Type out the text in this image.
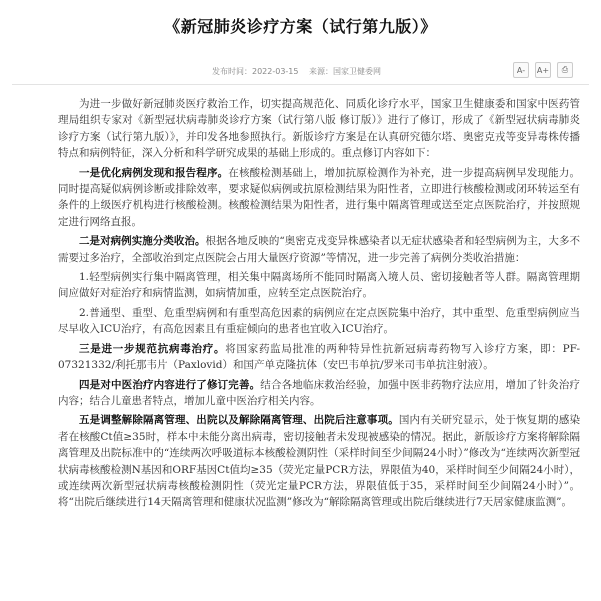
《新冠肺炎诊疗方案（试行第九版）》
发布时间：2022-03-15 来源：国家卫健委网	A-	A+	⎙

为进一步做好新冠肺炎医疗救治工作，切实提高规范化、同质化诊疗水平，国家卫生健康委和国家中医药管理局组织专家对《新型冠状病毒肺炎诊疗方案（试行第八版 修订版）》进行了修订，形成了《新型冠状病毒肺炎诊疗方案（试行第九版）》，并印发各地参照执行。新版诊疗方案是在认真研究德尔塔、奥密克戎等变异毒株传播特点和病例特征，深入分析和科学研究成果的基础上形成的。重点修订内容如下：

一是优化病例发现和报告程序。在核酸检测基础上，增加抗原检测作为补充，进一步提高病例早发现能力。同时提高疑似病例诊断或排除效率，要求疑似病例或抗原检测结果为阳性者，立即进行核酸检测或闭环转运至有条件的上级医疗机构进行核酸检测。核酸检测结果为阳性者，进行集中隔离管理或送至定点医院治疗，并按照规定进行网络直报。

二是对病例实施分类收治。根据各地反映的“奥密克戎变异株感染者以无症状感染者和轻型病例为主，大多不需要过多治疗，全部收治到定点医院会占用大量医疗资源”等情况，进一步完善了病例分类收治措施：

1.轻型病例实行集中隔离管理，相关集中隔离场所不能同时隔离入境人员、密切接触者等人群。隔离管理期间应做好对症治疗和病情监测，如病情加重，应转至定点医院治疗。

2.普通型、重型、危重型病例和有重型高危因素的病例应在定点医院集中治疗，其中重型、危重型病例应当尽早收入ICU治疗，有高危因素且有重症倾向的患者也宜收入ICU治疗。

三是进一步规范抗病毒治疗。将国家药监局批准的两种特异性抗新冠病毒药物写入诊疗方案，即：PF-07321332/利托那韦片（Paxlovid）和国产单克隆抗体（安巴韦单抗/罗米司韦单抗注射液）。

四是对中医治疗内容进行了修订完善。结合各地临床救治经验，加强中医非药物疗法应用，增加了针灸治疗内容；结合儿童患者特点，增加儿童中医治疗相关内容。

五是调整解除隔离管理、出院以及解除隔离管理、出院后注意事项。国内有关研究显示，处于恢复期的感染者在核酸Ct值≥35时，样本中未能分离出病毒，密切接触者未发现被感染的情况。据此，新版诊疗方案将解除隔离管理及出院标准中的“连续两次呼吸道标本核酸检测阴性（采样时间至少间隔24小时）”修改为“连续两次新型冠状病毒核酸检测N基因和ORF基因Ct值均≥35（荧光定量PCR方法，界限值为40，采样时间至少间隔24小时），或连续两次新型冠状病毒核酸检测阴性（荧光定量PCR方法，界限值低于35，采样时间至少间隔24小时）”。将“出院后继续进行14天隔离管理和健康状况监测”修改为“解除隔离管理或出院后继续进行7天居家健康监测”。
